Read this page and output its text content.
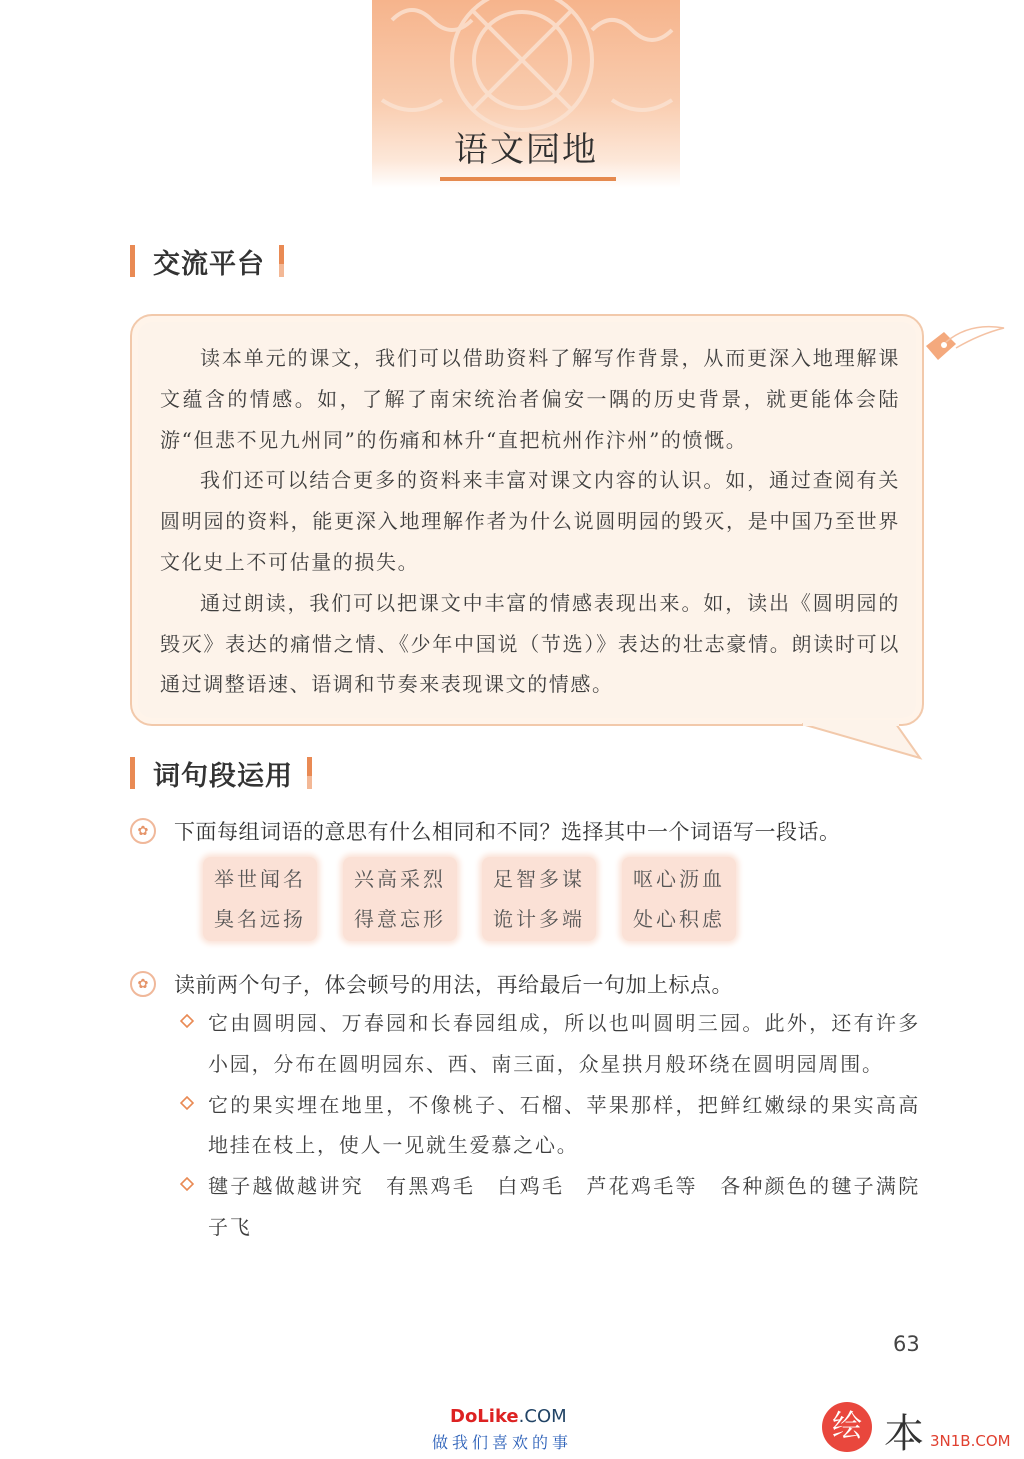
语文园地
交流平台

读本单元的课文，我们可以借助资料了解写作背景，从而更深入地理解课文蕴含的情感。如，了解了南宋统治者偏安一隅的历史背景，就更能体会陆游“但悲不见九州同”的伤痛和林升“直把杭州作汴州”的愤慨。

我们还可以结合更多的资料来丰富对课文内容的认识。如，通过查阅有关圆明园的资料，能更深入地理解作者为什么说圆明园的毁灭，是中国乃至世界文化史上不可估量的损失。

通过朗读，我们可以把课文中丰富的情感表现出来。如，读出《圆明园的毁灭》表达的痛惜之情、《少年中国说（节选）》表达的壮志豪情。朗读时可以通过调整语速、语调和节奏来表现课文的情感。

词句段运用
✿	下面每组词语的意思有什么相同和不同？选择其中一个词语写一段话。
举世闻名
臭名远扬
兴高采烈
得意忘形
足智多谋
诡计多端
呕心沥血
处心积虑
✿	读前两个句子，体会顿号的用法，再给最后一句加上标点。
它由圆明园、万春园和长春园组成，所以也叫圆明三园。此外，还有许多小园，分布在圆明园东、西、南三面，众星拱月般环绕在圆明园周围。
它的果实埋在地里，不像桃子、石榴、苹果那样，把鲜红嫩绿的果实高高地挂在枝上，使人一见就生爱慕之心。
毽子越做越讲究　有黑鸡毛　白鸡毛　芦花鸡毛等　各种颜色的毽子满院子飞
63
DoLike.COM
做我们喜欢的事	绘 本 3N1B.COM
